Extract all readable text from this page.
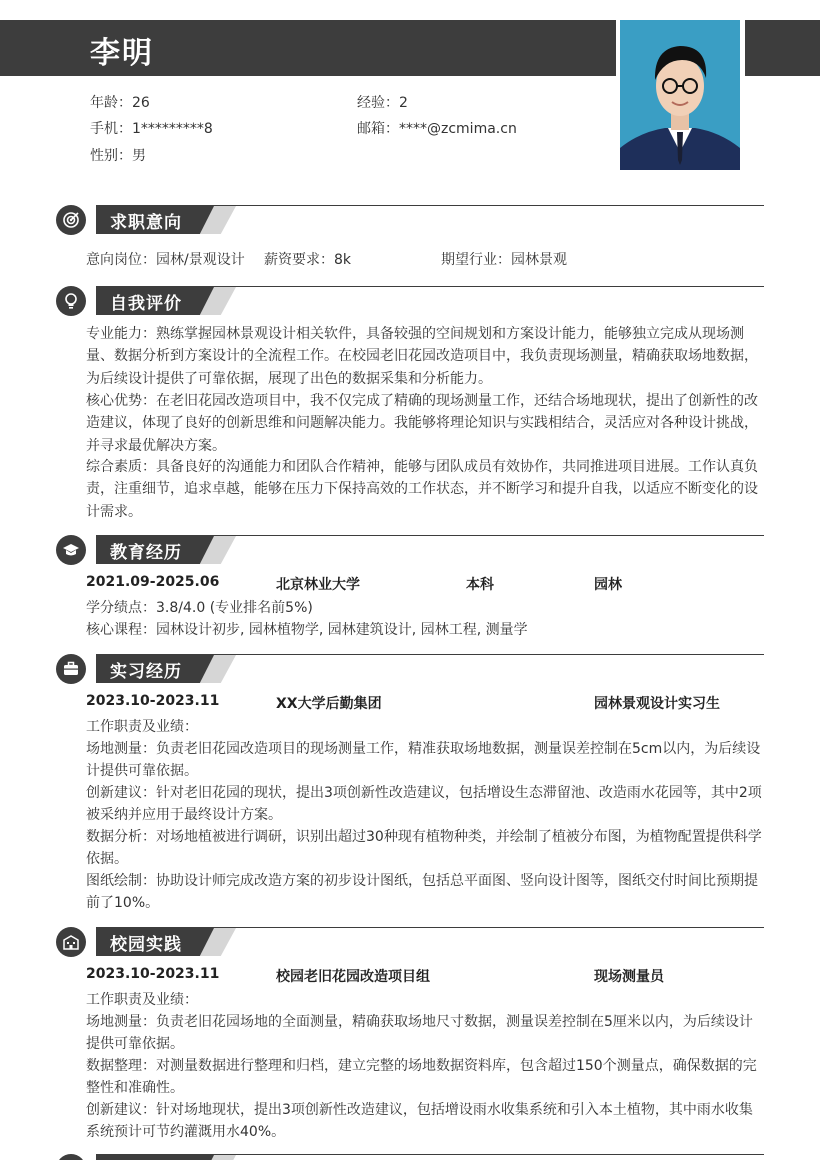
李明
年龄：26	经验：2
手机：1*********8	邮箱：****@zcmima.cn
性别：男
求职意向
意向岗位：园林/景观设计 薪资要求：8k	期望行业：园林景观
自我评价
专业能力：熟练掌握园林景观设计相关软件，具备较强的空间规划和方案设计能力，能够独立完成从现场测量、数据分析到方案设计的全流程工作。在校园老旧花园改造项目中，我负责现场测量，精确获取场地数据，为后续设计提供了可靠依据，展现了出色的数据采集和分析能力。
核心优势：在老旧花园改造项目中，我不仅完成了精确的现场测量工作，还结合场地现状，提出了创新性的改造建议，体现了良好的创新思维和问题解决能力。我能够将理论知识与实践相结合，灵活应对各种设计挑战，并寻求最优解决方案。
综合素质：具备良好的沟通能力和团队合作精神，能够与团队成员有效协作，共同推进项目进展。工作认真负责，注重细节，追求卓越，能够在压力下保持高效的工作状态，并不断学习和提升自我，以适应不断变化的设计需求。
教育经历
2021.09-2025.06	北京林业大学	本科	园林
学分绩点：3.8/4.0 (专业排名前5%)
核心课程：园林设计初步, 园林植物学, 园林建筑设计, 园林工程, 测量学
实习经历
2023.10-2023.11	XX大学后勤集团	园林景观设计实习生
工作职责及业绩：
场地测量：负责老旧花园改造项目的现场测量工作，精准获取场地数据，测量误差控制在5cm以内，为后续设计提供可靠依据。
创新建议：针对老旧花园的现状，提出3项创新性改造建议，包括增设生态滞留池、改造雨水花园等，其中2项被采纳并应用于最终设计方案。
数据分析：对场地植被进行调研，识别出超过30种现有植物种类，并绘制了植被分布图，为植物配置提供科学依据。
图纸绘制：协助设计师完成改造方案的初步设计图纸，包括总平面图、竖向设计图等，图纸交付时间比预期提前了10%。
校园实践
2023.10-2023.11	校园老旧花园改造项目组	现场测量员
工作职责及业绩：
场地测量：负责老旧花园场地的全面测量，精确获取场地尺寸数据，测量误差控制在5厘米以内，为后续设计提供可靠依据。
数据整理：对测量数据进行整理和归档，建立完整的场地数据资料库，包含超过150个测量点，确保数据的完整性和准确性。
创新建议：针对场地现状，提出3项创新性改造建议，包括增设雨水收集系统和引入本土植物，其中雨水收集系统预计可节约灌溉用水40%。
